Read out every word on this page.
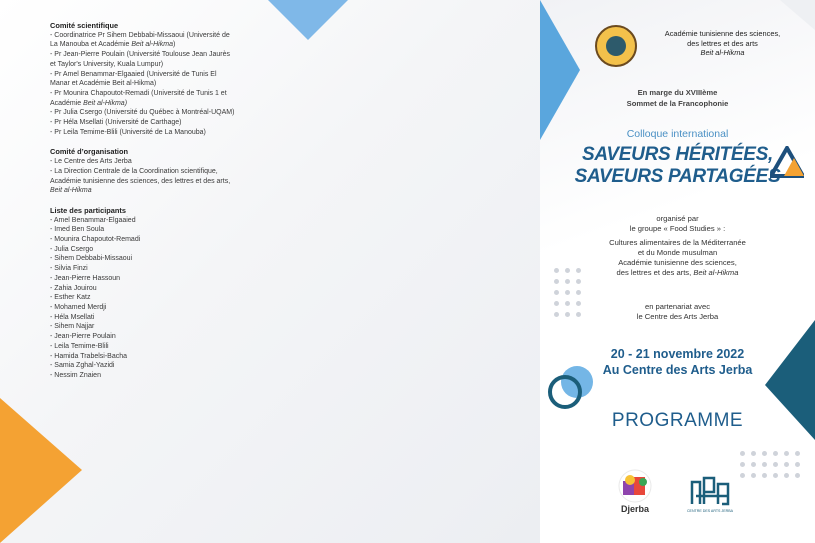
Comité scientifique
- Coordinatrice Pr Sihem Debbabi-Missaoui (Université de
La Manouba et Académie Beit al-Hikma)
- Pr Jean-Pierre Poulain (Université Toulouse Jean Jaurès
et Taylor's University, Kuala Lumpur)
- Pr Amel Benammar-Elgaaied (Université de Tunis El
Manar et Académie Beit al-Hikma)
- Pr Mounira Chapoutot-Remadi (Université de Tunis 1 et
Académie Beit al-Hikma)
- Pr Julia Csergo (Université du Québec à Montréal-UQAM)
- Pr Héla Msellati (Université de Carthage)
- Pr Leila Temime-Blili (Université de La Manouba)
Comité d’organisation
- Le Centre des Arts Jerba
- La Direction Centrale de la Coordination scientifique,
Académie tunisienne des sciences, des lettres et des arts,
Beit al-Hikma
Liste des participants
- Amel Benammar-Elgaaied
- Imed Ben Soula
- Mounira Chapoutot-Remadi
- Julia Csergo
- Sihem Debbabi-Missaoui
- Silvia Finzi
- Jean-Pierre Hassoun
- Zahia Jouirou
- Esther Katz
- Mohamed Merdji
- Héla Msellati
- Sihem Najjar
- Jean-Pierre Poulain
- Leila Temime-Blili
- Hamida Trabelsi-Bacha
- Samia Zghal-Yazidi
- Nessim Znaien
Académie tunisienne des sciences,
des lettres et des arts
Beit al-Hikma
En marge du XVIIIème
Sommet de la Francophonie
Colloque international
SAVEURS HÉRITÉES,
SAVEURS PARTAGÉES
organisé par
le groupe « Food Studies » :
Cultures alimentaires de la Méditerranée
et du Monde musulman
Académie tunisienne des sciences,
des lettres et des arts, Beit al-Hikma
en partenariat avec
le Centre des Arts Jerba
20 - 21 novembre 2022
Au Centre des Arts Jerba
PROGRAMME
Djerba	CENTRE DES ARTS JERBA
